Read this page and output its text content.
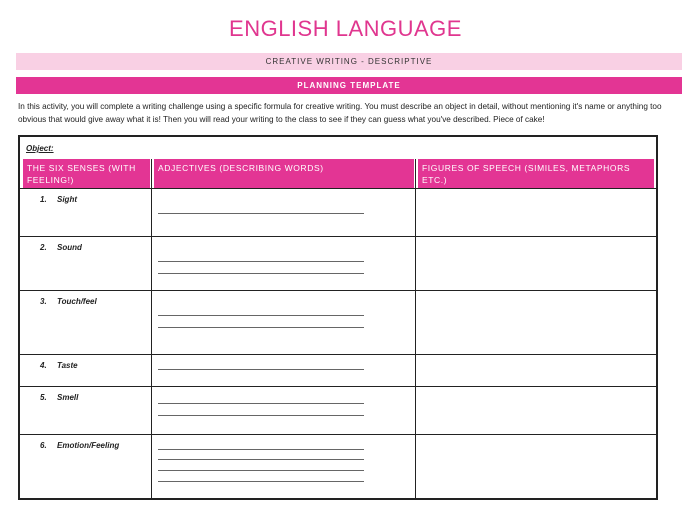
ENGLISH LANGUAGE
CREATIVE WRITING - DESCRIPTIVE
PLANNING TEMPLATE
In this activity, you will complete a writing challenge using a specific formula for creative writing. You must describe an object in detail, without mentioning it's name or anything too obvious that would give away what it is! Then you will read your writing to the class to see if they can guess what you've described. Piece of cake!
Object:
THE SIX SENSES (WITH FEELING!)
ADJECTIVES (DESCRIBING WORDS)	FIGURES OF SPEECH (SIMILES, METAPHORS ETC.)
1. Sight
2. Sound
3. Touch/feel
4. Taste
5. Smell
6. Emotion/Feeling
